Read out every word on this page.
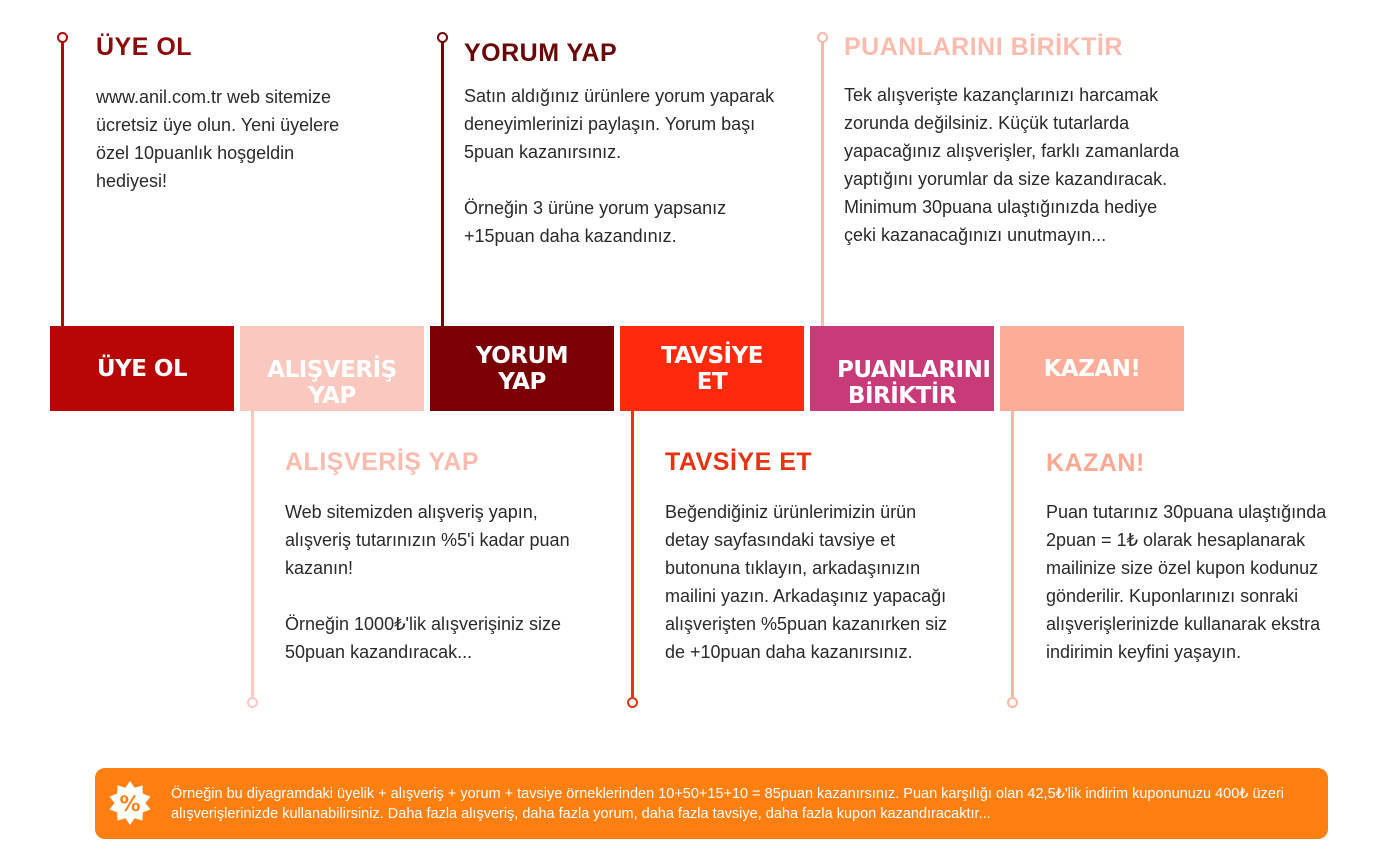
ÜYE OL	ALIŞVERİŞ YAP
YORUM YAP
TAVSİYE ET	PUANLARINI BİRİKTİR
KAZAN!
ÜYE OL

www.anil.com.tr web sitemize ücretsiz üye olun. Yeni üyelere özel 10puanlık hoşgeldin hediyesi!

YORUM YAP

Satın aldığınız ürünlere yorum yaparak deneyimlerinizi paylaşın. Yorum başı 5puan kazanırsınız.

Örneğin 3 ürüne yorum yapsanız +15puan daha kazandınız.

PUANLARINI BİRİKTİR

Tek alışverişte kazançlarınızı harcamak zorunda değilsiniz. Küçük tutarlarda yapacağınız alışverişler, farklı zamanlarda yaptığını yorumlar da size kazandıracak. Minimum 30puana ulaştığınızda hediye çeki kazanacağınızı unutmayın...

ALIŞVERİŞ YAP

Web sitemizden alışveriş yapın, alışveriş tutarınızın %5'i kadar puan kazanın!

Örneğin 1000₺'lik alışverişiniz size 50puan kazandıracak...

TAVSİYE ET

Beğendiğiniz ürünlerimizin ürün detay sayfasındaki tavsiye et butonuna tıklayın, arkadaşınızın mailini yazın. Arkadaşınız yapacağı alışverişten %5puan kazanırken siz de +10puan daha kazanırsınız.

KAZAN!

Puan tutarınız 30puana ulaştığında 2puan = 1₺ olarak hesaplanarak mailinize size özel kupon kodunuz gönderilir. Kuponlarınızı sonraki alışverişlerinizde kullanarak ekstra indirimin keyfini yaşayın.

% Örneğin bu diyagramdaki üyelik + alışveriş + yorum + tavsiye örneklerinden 10+50+15+10 = 85puan kazanırsınız. Puan karşılığı olan 42,5₺'lik indirim kuponunuzu 400₺ üzeri alışverişlerinizde kullanabilirsiniz. Daha fazla alışveriş, daha fazla yorum, daha fazla tavsiye, daha fazla kupon kazandıracaktır...
